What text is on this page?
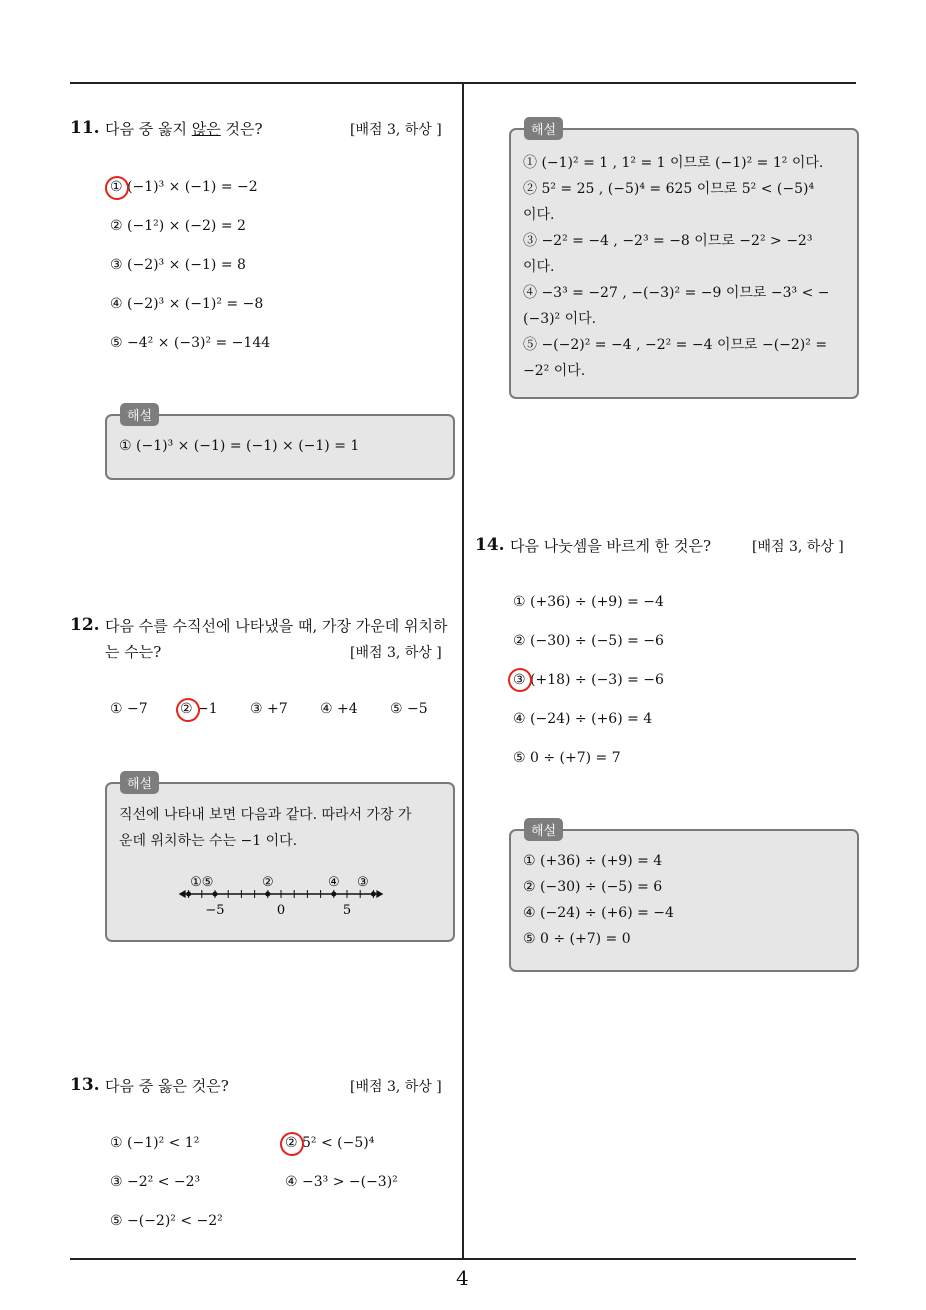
11. 다음 중 옳지 않은 것은?	[배점 3, 하상 ]
① (−1)³ × (−1) = −2
② (−1²) × (−2) = 2
③ (−2)³ × (−1) = 8
④ (−2)³ × (−1)² = −8
⑤ −4² × (−3)² = −144
① (−1)³ × (−1) = (−1) × (−1) = 1
해설
12. 다음 수를 수직선에 나타냈을 때, 가장 가운데 위치하
는 수는?	[배점 3, 하상 ]
① −7 ② −1 ③ +7 ④ +4 ⑤ −5
직선에 나타내 보면 다음과 같다. 따라서 가장 가
운데 위치하는 수는 −1 이다.
−5	0	5
①⑤	②	④ ③
해설
13. 다음 중 옳은 것은?	[배점 3, 하상 ]
① (−1)² < 1²	② 5² < (−5)⁴
③ −2² < −2³	④ −3³ > −(−3)²
⑤ −(−2)² < −2²
① (−1)² = 1 , 1² = 1 이므로 (−1)² = 1² 이다.
② 5² = 25 , (−5)⁴ = 625 이므로 5² < (−5)⁴
이다.
③ −2² = −4 , −2³ = −8 이므로 −2² > −2³
이다.
④ −3³ = −27 , −(−3)² = −9 이므로 −3³ < −
(−3)² 이다.
⑤ −(−2)² = −4 , −2² = −4 이므로 −(−2)² =
−2² 이다.
해설
14. 다음 나눗셈을 바르게 한 것은?	[배점 3, 하상 ]
① (+36) ÷ (+9) = −4
② (−30) ÷ (−5) = −6
③ (+18) ÷ (−3) = −6
④ (−24) ÷ (+6) = 4
⑤ 0 ÷ (+7) = 7
① (+36) ÷ (+9) = 4
② (−30) ÷ (−5) = 6
④ (−24) ÷ (+6) = −4
⑤ 0 ÷ (+7) = 0
해설
4
